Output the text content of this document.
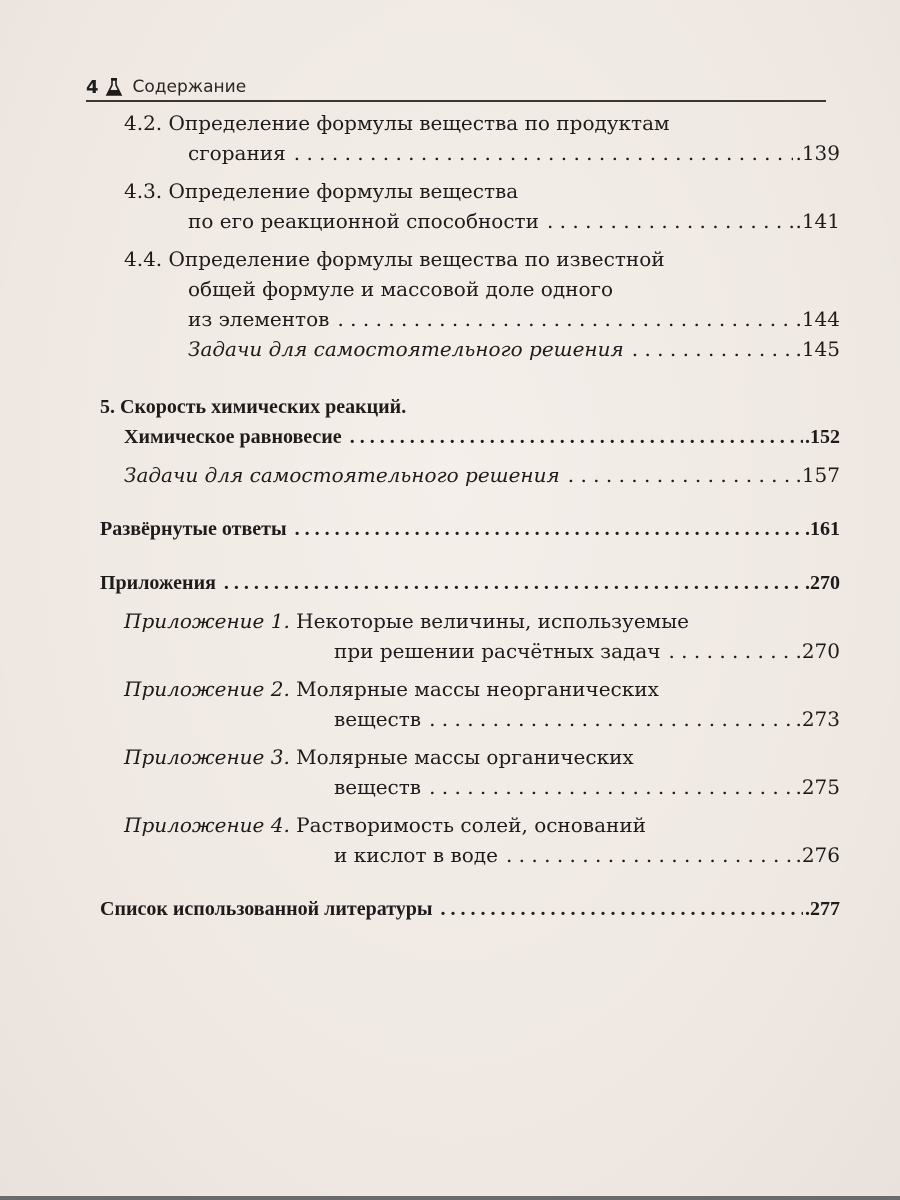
4 Содержание
4.2. Определение формулы вещества по продуктам
сгорания . . .	.139
4.3. Определение формулы вещества
по его реакционной способности . . .	.141
4.4. Определение формулы вещества по известной
общей формуле и массовой доле одного
из элементов . . .	.144
Задачи для самостоятельного решения . . .	.145
5. Скорость химических реакций.
Химическое равновесие . . .	.152
Задачи для самостоятельного решения . . .	.157
Развёрнутые ответы . . .	.161
Приложения . . .	.270
Приложение 1. Некоторые величины, используемые
при решении расчётных задач . . .	.270
Приложение 2. Молярные массы неорганических
веществ . . .	.273
Приложение 3. Молярные массы органических
веществ . . .	.275
Приложение 4. Растворимость солей, оснований
и кислот в воде . . .	.276
Список использованной литературы . . .	.277
